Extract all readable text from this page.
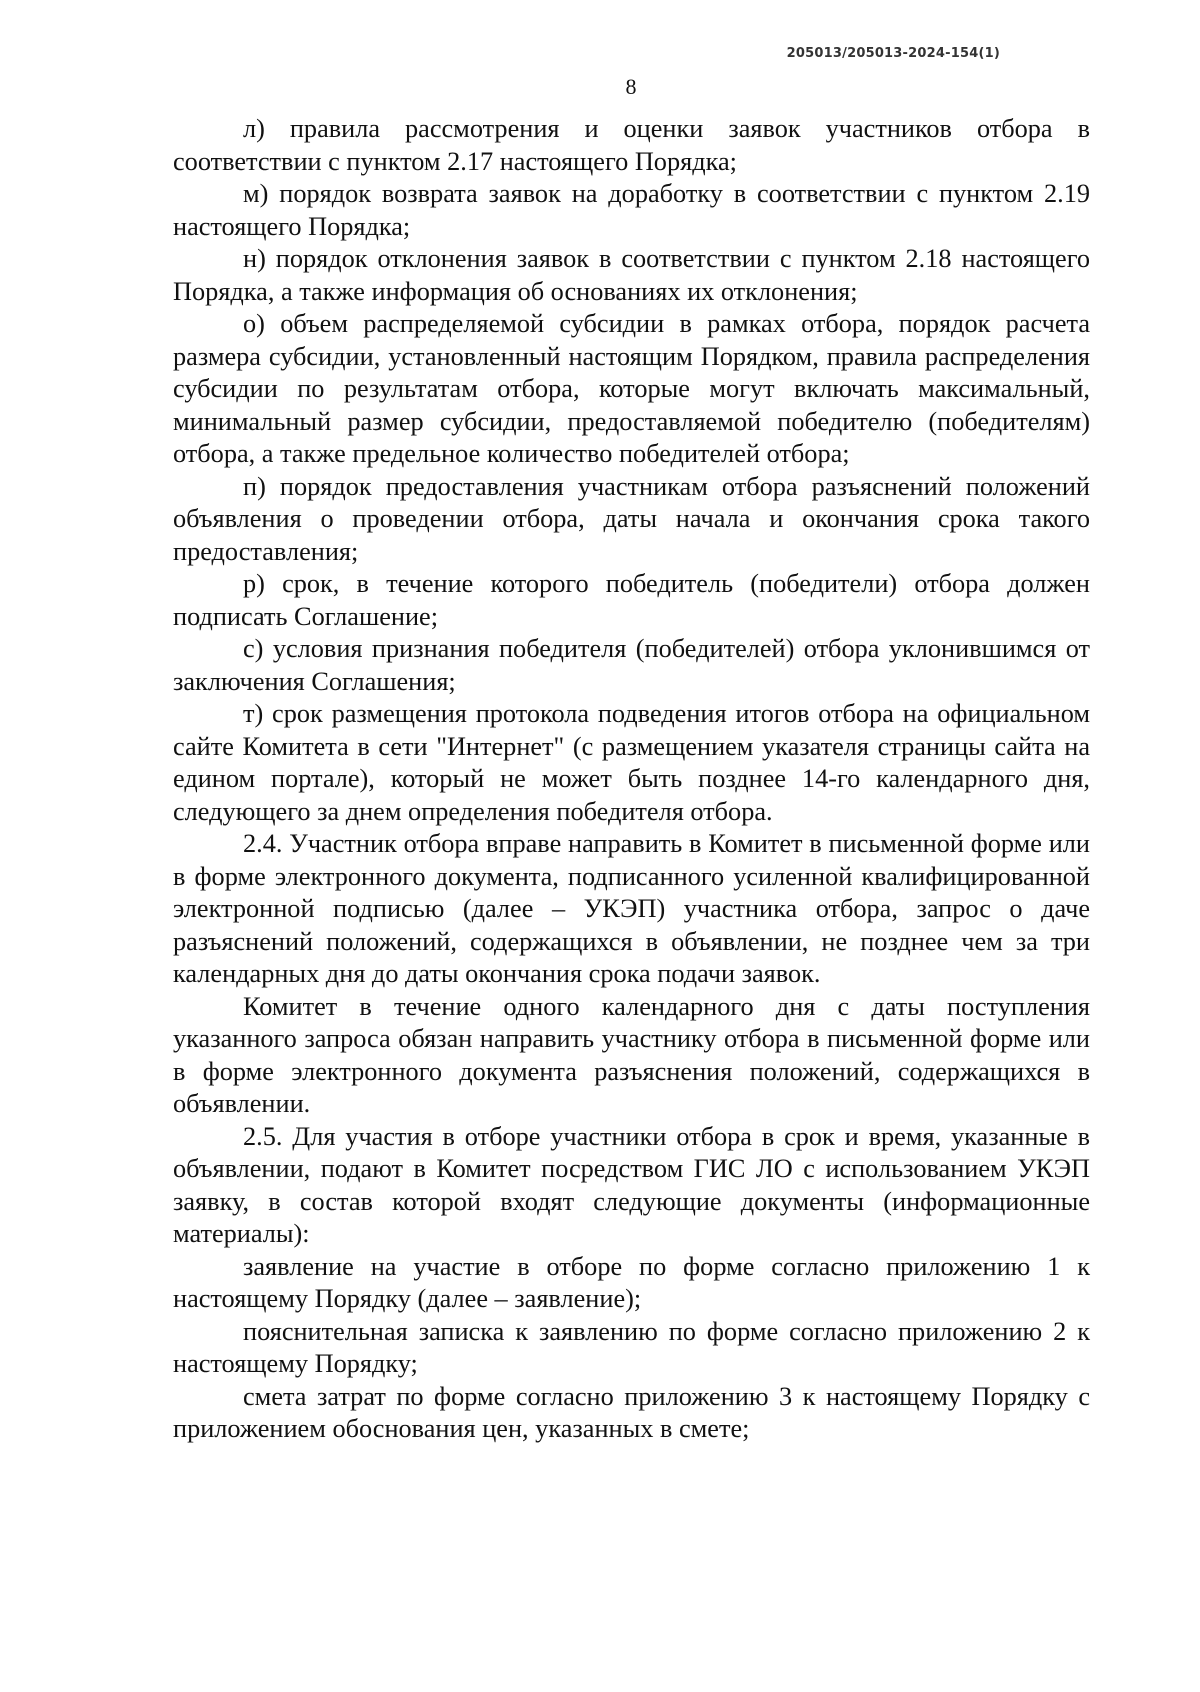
205013/205013-2024-154(1)
8

л) правила рассмотрения и оценки заявок участников отбора в соответствии с пунктом 2.17 настоящего Порядка;

м) порядок возврата заявок на доработку в соответствии с пунктом 2.19 настоящего Порядка;

н) порядок отклонения заявок в соответствии с пунктом 2.18 настоящего Порядка, а также информация об основаниях их отклонения;

о) объем распределяемой субсидии в рамках отбора, порядок расчета размера субсидии, установленный настоящим Порядком, правила распределения субсидии по результатам отбора, которые могут включать максимальный, минимальный размер субсидии, предоставляемой победителю (победителям) отбора, а также предельное количество победителей отбора;

п) порядок предоставления участникам отбора разъяснений положений объявления о проведении отбора, даты начала и окончания срока такого предоставления;

р) срок, в течение которого победитель (победители) отбора должен подписать Соглашение;

с) условия признания победителя (победителей) отбора уклонившимся от заключения Соглашения;

т) срок размещения протокола подведения итогов отбора на официальном сайте Комитета в сети "Интернет" (с размещением указателя страницы сайта на едином портале), который не может быть позднее 14-го календарного дня, следующего за днем определения победителя отбора.

2.4. Участник отбора вправе направить в Комитет в письменной форме или в форме электронного документа, подписанного усиленной квалифицированной электронной подписью (далее – УКЭП) участника отбора, запрос о даче разъяснений положений, содержащихся в объявлении, не позднее чем за три календарных дня до даты окончания срока подачи заявок.

Комитет в течение одного календарного дня с даты поступления указанного запроса обязан направить участнику отбора в письменной форме или в форме электронного документа разъяснения положений, содержащихся в объявлении.

2.5. Для участия в отборе участники отбора в срок и время, указанные в объявлении, подают в Комитет посредством ГИС ЛО с использованием УКЭП заявку, в состав которой входят следующие документы (информационные материалы):

заявление на участие в отборе по форме согласно приложению 1 к настоящему Порядку (далее – заявление);

пояснительная записка к заявлению по форме согласно приложению 2 к настоящему Порядку;

смета затрат по форме согласно приложению 3 к настоящему Порядку с приложением обоснования цен, указанных в смете;
